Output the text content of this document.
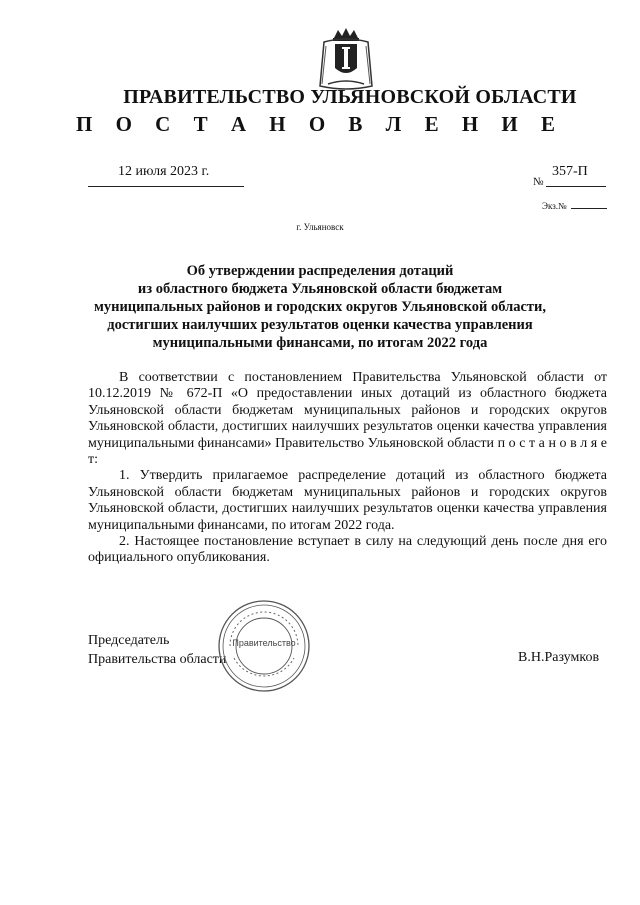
ПРАВИТЕЛЬСТВО УЛЬЯНОВСКОЙ ОБЛАСТИ
П О С Т А Н О В Л Е Н И Е
12 июля 2023 г.
№
357-П
Экз.№
г. Ульяновск
Об утверждении распределения дотаций
из областного бюджета Ульяновской области бюджетам
муниципальных районов и городских округов Ульяновской области,
достигших наилучших результатов оценки качества управления
муниципальными финансами, по итогам 2022 года

В соответствии с постановлением Правительства Ульяновской области от 10.12.2019 № 672-П «О предоставлении иных дотаций из областного бюджета Ульяновской области бюджетам муниципальных районов и городских округов Ульяновской области, достигших наилучших результатов оценки качества управления муниципальными финансами» Правительство Ульяновской области п о с т а н о в л я е т:

1. Утвердить прилагаемое распределение дотаций из областного бюджета Ульяновской области бюджетам муниципальных районов и городских округов Ульяновской области, достигших наилучших результатов оценки качества управления муниципальными финансами, по итогам 2022 года.

2. Настоящее постановление вступает в силу на следующий день после дня его официального опубликования.

Председатель
Правительства области
Правительство
В.Н.Разумков
